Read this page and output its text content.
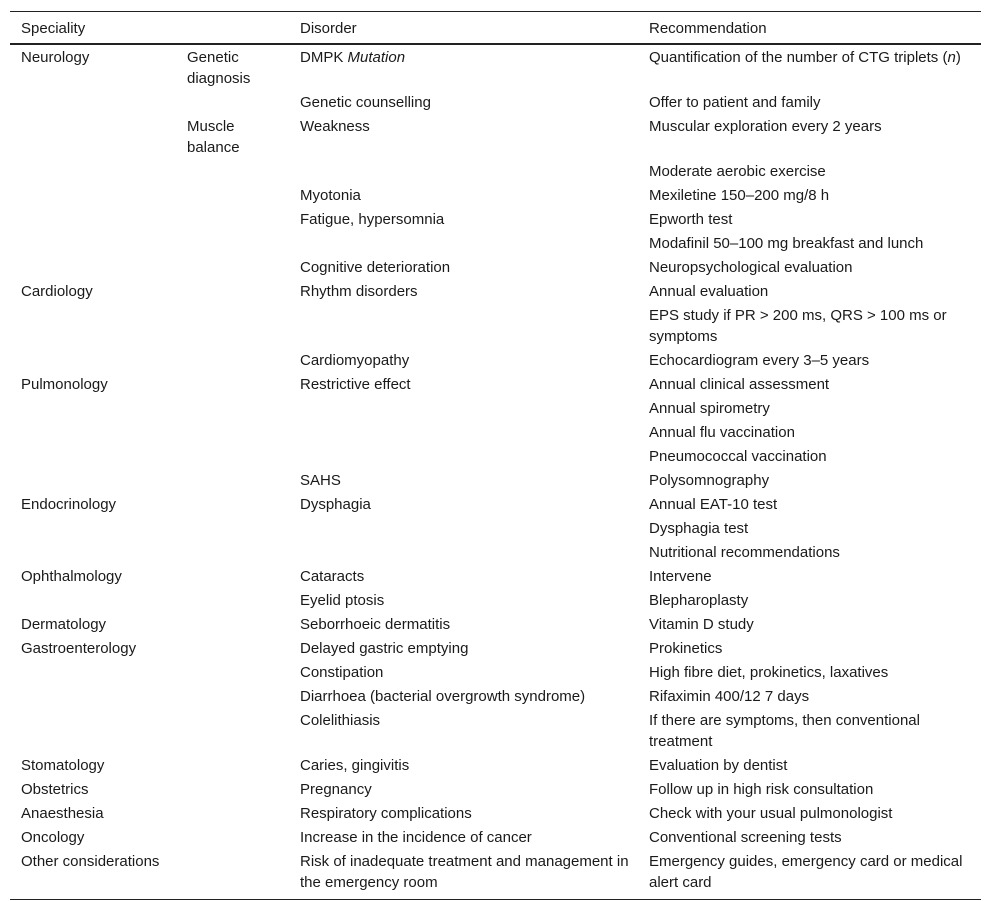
Speciality		Disorder	Recommendation
Neurology	Genetic diagnosis	DMPK Mutation	Quantification of the number of CTG triplets (n)
		Genetic counselling	Offer to patient and family
	Muscle balance	Weakness	Muscular exploration every 2 years
			Moderate aerobic exercise
		Myotonia	Mexiletine 150–200 mg/8 h
		Fatigue, hypersomnia	Epworth test
			Modafinil 50–100 mg breakfast and lunch
		Cognitive deterioration	Neuropsychological evaluation
Cardiology		Rhythm disorders	Annual evaluation
			EPS study if PR > 200 ms, QRS > 100 ms or symptoms
		Cardiomyopathy	Echocardiogram every 3–5 years
Pulmonology		Restrictive effect	Annual clinical assessment
			Annual spirometry
			Annual flu vaccination
			Pneumococcal vaccination
		SAHS	Polysomnography
Endocrinology		Dysphagia	Annual EAT-10 test
			Dysphagia test
			Nutritional recommendations
Ophthalmology		Cataracts	Intervene
		Eyelid ptosis	Blepharoplasty
Dermatology		Seborrhoeic dermatitis	Vitamin D study
Gastroenterology		Delayed gastric emptying	Prokinetics
		Constipation	High fibre diet, prokinetics, laxatives
		Diarrhoea (bacterial overgrowth syndrome)	Rifaximin 400/12 7 days
		Colelithiasis	If there are symptoms, then conventional treatment
Stomatology		Caries, gingivitis	Evaluation by dentist
Obstetrics		Pregnancy	Follow up in high risk consultation
Anaesthesia		Respiratory complications	Check with your usual pulmonologist
Oncology		Increase in the incidence of cancer	Conventional screening tests
Other considerations		Risk of inadequate treatment and management in the emergency room	Emergency guides, emergency card or medical alert card
